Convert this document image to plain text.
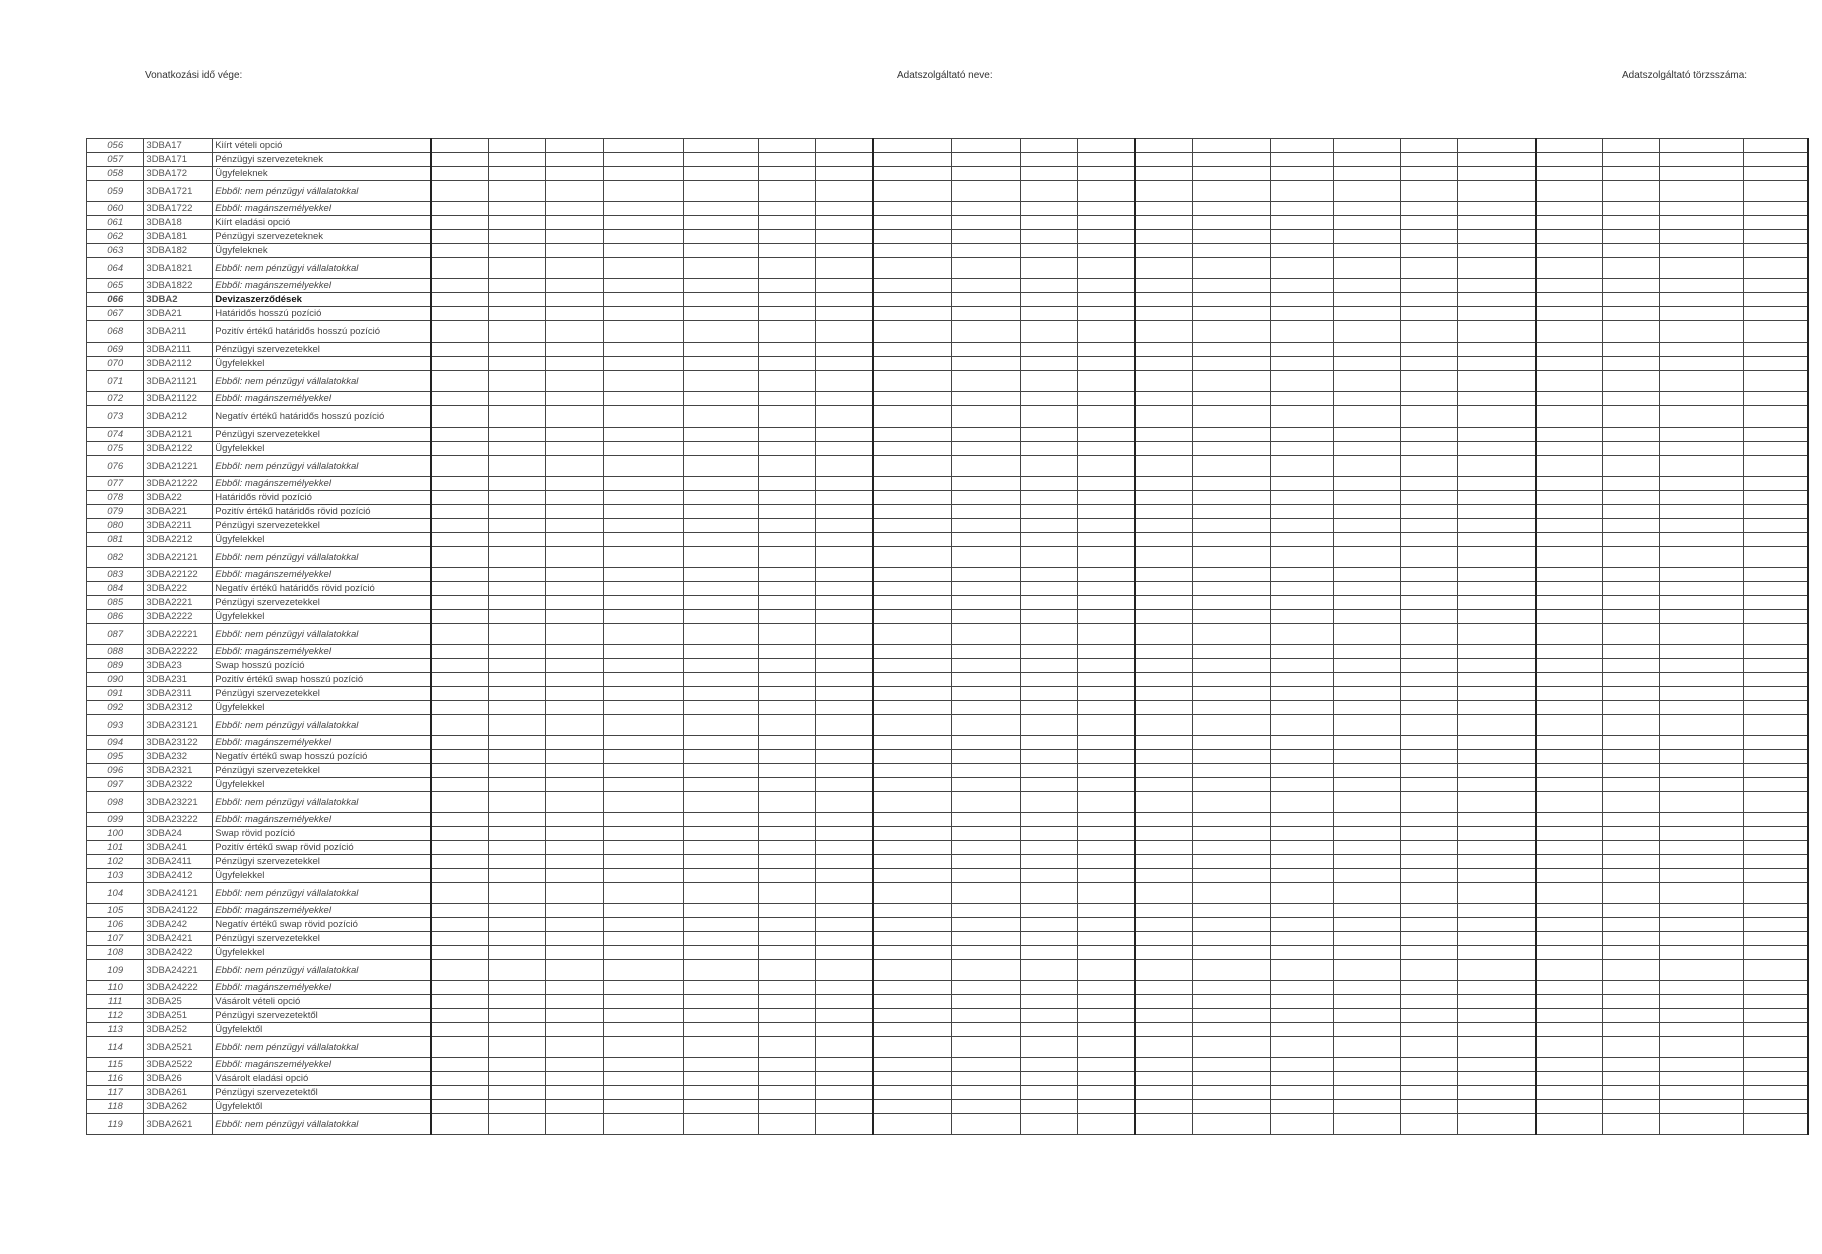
Vonatkozási idő vége:	Adatszolgáltató neve:	Adatszolgáltató törzsszáma:
056	3DBA17	Kiírt vételi opció																					
057	3DBA171	Pénzügyi szervezeteknek																					
058	3DBA172	Ügyfeleknek																					
059	3DBA1721	Ebből: nem pénzügyi vállalatokkal																					
060	3DBA1722	Ebből: magánszemélyekkel																					
061	3DBA18	Kiírt eladási opció																					
062	3DBA181	Pénzügyi szervezeteknek																					
063	3DBA182	Ügyfeleknek																					
064	3DBA1821	Ebből: nem pénzügyi vállalatokkal																					
065	3DBA1822	Ebből: magánszemélyekkel																					
066	3DBA2	Devizaszerződések																					
067	3DBA21	Határidős hosszú pozíció																					
068	3DBA211	Pozitív értékű határidős hosszú pozíció																					
069	3DBA2111	Pénzügyi szervezetekkel																					
070	3DBA2112	Ügyfelekkel																					
071	3DBA21121	Ebből: nem pénzügyi vállalatokkal																					
072	3DBA21122	Ebből: magánszemélyekkel																					
073	3DBA212	Negatív értékű határidős hosszú pozíció																					
074	3DBA2121	Pénzügyi szervezetekkel																					
075	3DBA2122	Ügyfelekkel																					
076	3DBA21221	Ebből: nem pénzügyi vállalatokkal																					
077	3DBA21222	Ebből: magánszemélyekkel																					
078	3DBA22	Határidős rövid pozíció																					
079	3DBA221	Pozitív értékű határidős rövid pozíció																					
080	3DBA2211	Pénzügyi szervezetekkel																					
081	3DBA2212	Ügyfelekkel																					
082	3DBA22121	Ebből: nem pénzügyi vállalatokkal																					
083	3DBA22122	Ebből: magánszemélyekkel																					
084	3DBA222	Negatív értékű határidős rövid pozíció																					
085	3DBA2221	Pénzügyi szervezetekkel																					
086	3DBA2222	Ügyfelekkel																					
087	3DBA22221	Ebből: nem pénzügyi vállalatokkal																					
088	3DBA22222	Ebből: magánszemélyekkel																					
089	3DBA23	Swap hosszú pozíció																					
090	3DBA231	Pozitív értékű swap hosszú pozíció																					
091	3DBA2311	Pénzügyi szervezetekkel																					
092	3DBA2312	Ügyfelekkel																					
093	3DBA23121	Ebből: nem pénzügyi vállalatokkal																					
094	3DBA23122	Ebből: magánszemélyekkel																					
095	3DBA232	Negatív értékű swap hosszú pozíció																					
096	3DBA2321	Pénzügyi szervezetekkel																					
097	3DBA2322	Ügyfelekkel																					
098	3DBA23221	Ebből: nem pénzügyi vállalatokkal																					
099	3DBA23222	Ebből: magánszemélyekkel																					
100	3DBA24	Swap rövid pozíció																					
101	3DBA241	Pozitív értékű swap rövid pozíció																					
102	3DBA2411	Pénzügyi szervezetekkel																					
103	3DBA2412	Ügyfelekkel																					
104	3DBA24121	Ebből: nem pénzügyi vállalatokkal																					
105	3DBA24122	Ebből: magánszemélyekkel																					
106	3DBA242	Negatív értékű swap rövid pozíció																					
107	3DBA2421	Pénzügyi szervezetekkel																					
108	3DBA2422	Ügyfelekkel																					
109	3DBA24221	Ebből: nem pénzügyi vállalatokkal																					
110	3DBA24222	Ebből: magánszemélyekkel																					
111	3DBA25	Vásárolt vételi opció																					
112	3DBA251	Pénzügyi szervezetektől																					
113	3DBA252	Ügyfelektől																					
114	3DBA2521	Ebből: nem pénzügyi vállalatokkal																					
115	3DBA2522	Ebből: magánszemélyekkel																					
116	3DBA26	Vásárolt eladási opció																					
117	3DBA261	Pénzügyi szervezetektől																					
118	3DBA262	Ügyfelektől																					
119	3DBA2621	Ebből: nem pénzügyi vállalatokkal																					
